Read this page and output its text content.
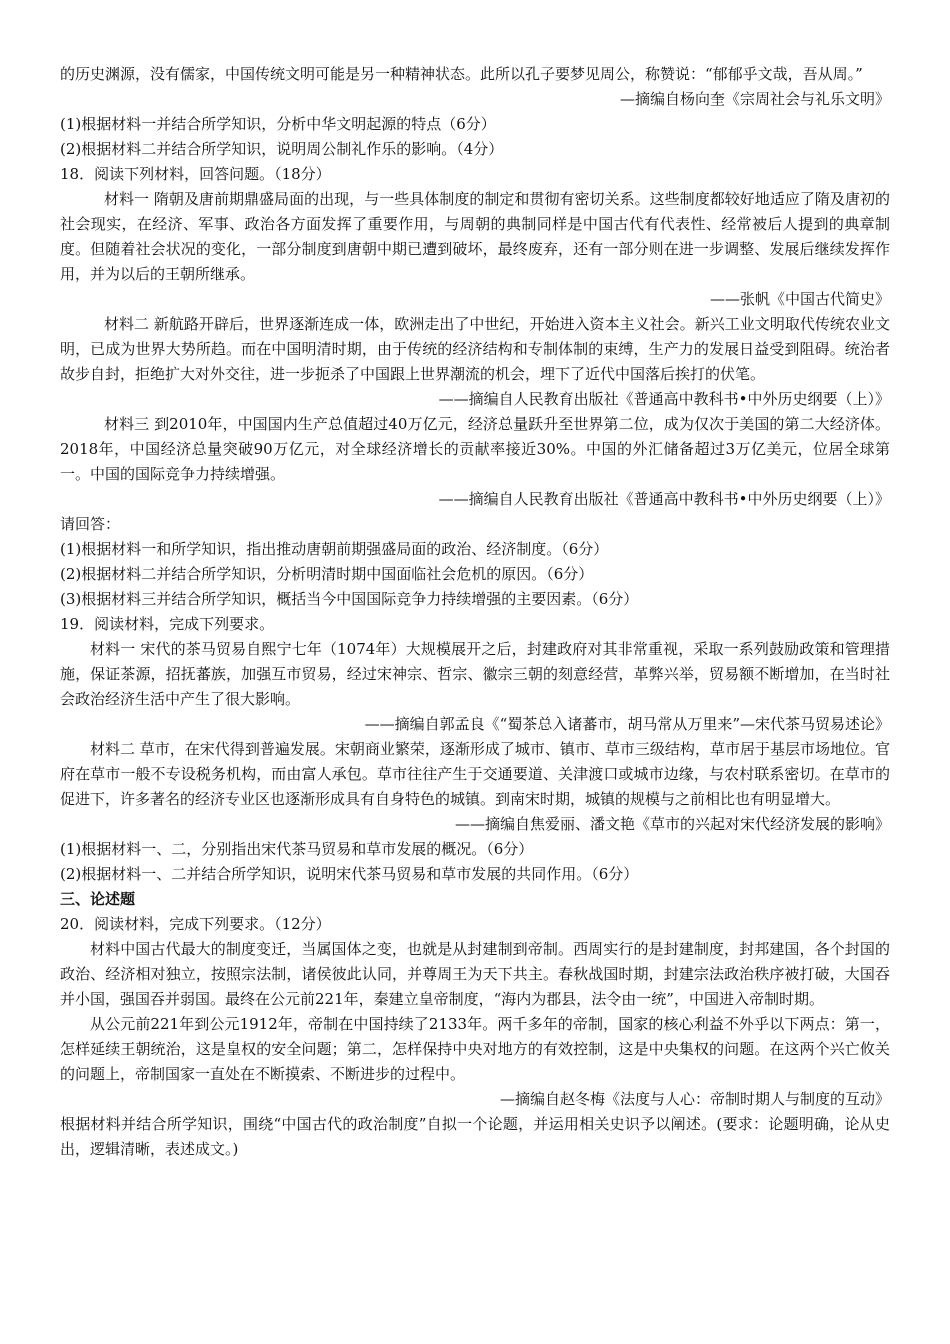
的历史渊源，没有儒家，中国传统文明可能是另一种精神状态。此所以孔子要梦见周公，称赞说：“郁郁乎文哉，吾从周。”

—摘编自杨向奎《宗周社会与礼乐文明》

(1)根据材料一并结合所学知识，分析中华文明起源的特点（6分）

(2)根据材料二并结合所学知识，说明周公制礼作乐的影响。（4分）

18．阅读下列材料，回答问题。（18分）

材料一 隋朝及唐前期鼎盛局面的出现，与一些具体制度的制定和贯彻有密切关系。这些制度都较好地适应了隋及唐初的社会现实，在经济、军事、政治各方面发挥了重要作用，与周朝的典制同样是中国古代有代表性、经常被后人提到的典章制度。但随着社会状况的变化，一部分制度到唐朝中期已遭到破坏，最终废弃，还有一部分则在进一步调整、发展后继续发挥作用，并为以后的王朝所继承。

——张帆《中国古代简史》

材料二 新航路开辟后，世界逐渐连成一体，欧洲走出了中世纪，开始进入资本主义社会。新兴工业文明取代传统农业文明，已成为世界大势所趋。而在中国明清时期，由于传统的经济结构和专制体制的束缚，生产力的发展日益受到阻碍。统治者故步自封，拒绝扩大对外交往，进一步扼杀了中国跟上世界潮流的机会，埋下了近代中国落后挨打的伏笔。

——摘编自人民教育出版社《普通高中教科书•中外历史纲要（上）》

材料三 到2010年，中国国内生产总值超过40万亿元，经济总量跃升至世界第二位，成为仅次于美国的第二大经济体。2018年，中国经济总量突破90万亿元，对全球经济增长的贡献率接近30%。中国的外汇储备超过3万亿美元，位居全球第一。中国的国际竞争力持续增强。

——摘编自人民教育出版社《普通高中教科书•中外历史纲要（上）》

请回答：

(1)根据材料一和所学知识，指出推动唐朝前期强盛局面的政治、经济制度。（6分）

(2)根据材料二并结合所学知识，分析明清时期中国面临社会危机的原因。（6分）

(3)根据材料三并结合所学知识，概括当今中国国际竞争力持续增强的主要因素。（6分）

19．阅读材料，完成下列要求。

材料一 宋代的茶马贸易自熙宁七年（1074年）大规模展开之后，封建政府对其非常重视，采取一系列鼓励政策和管理措施，保证茶源，招抚蕃族，加强互市贸易，经过宋神宗、哲宗、徽宗三朝的刻意经营，革弊兴举，贸易额不断增加，在当时社会政治经济生活中产生了很大影响。

——摘编自郭孟良《“蜀茶总入诸蕃市，胡马常从万里来”—宋代茶马贸易述论》

材料二 草市，在宋代得到普遍发展。宋朝商业繁荣，逐渐形成了城市、镇市、草市三级结构，草市居于基层市场地位。官府在草市一般不专设税务机构，而由富人承包。草市往往产生于交通要道、关津渡口或城市边缘，与农村联系密切。在草市的促进下，许多著名的经济专业区也逐渐形成具有自身特色的城镇。到南宋时期，城镇的规模与之前相比也有明显增大。

——摘编自焦爱丽、潘文艳《草市的兴起对宋代经济发展的影响》

(1)根据材料一、二，分别指出宋代茶马贸易和草市发展的概况。（6分）

(2)根据材料一、二并结合所学知识，说明宋代茶马贸易和草市发展的共同作用。（6分）

三、论述题

20．阅读材料，完成下列要求。（12分）

材料中国古代最大的制度变迁，当属国体之变，也就是从封建制到帝制。西周实行的是封建制度，封邦建国，各个封国的政治、经济相对独立，按照宗法制，诸侯彼此认同，并尊周王为天下共主。春秋战国时期，封建宗法政治秩序被打破，大国吞并小国，强国吞并弱国。最终在公元前221年，秦建立皇帝制度，“海内为郡县，法令由一统”，中国进入帝制时期。

从公元前221年到公元1912年，帝制在中国持续了2133年。两千多年的帝制，国家的核心利益不外乎以下两点：第一，怎样延续王朝统治，这是皇权的安全问题；第二，怎样保持中央对地方的有效控制，这是中央集权的问题。在这两个兴亡攸关的问题上，帝制国家一直处在不断摸索、不断进步的过程中。

—摘编自赵冬梅《法度与人心：帝制时期人与制度的互动》

根据材料并结合所学知识，围绕“中国古代的政治制度”自拟一个论题，并运用相关史识予以阐述。(要求：论题明确，论从史出，逻辑清晰，表述成文。)
